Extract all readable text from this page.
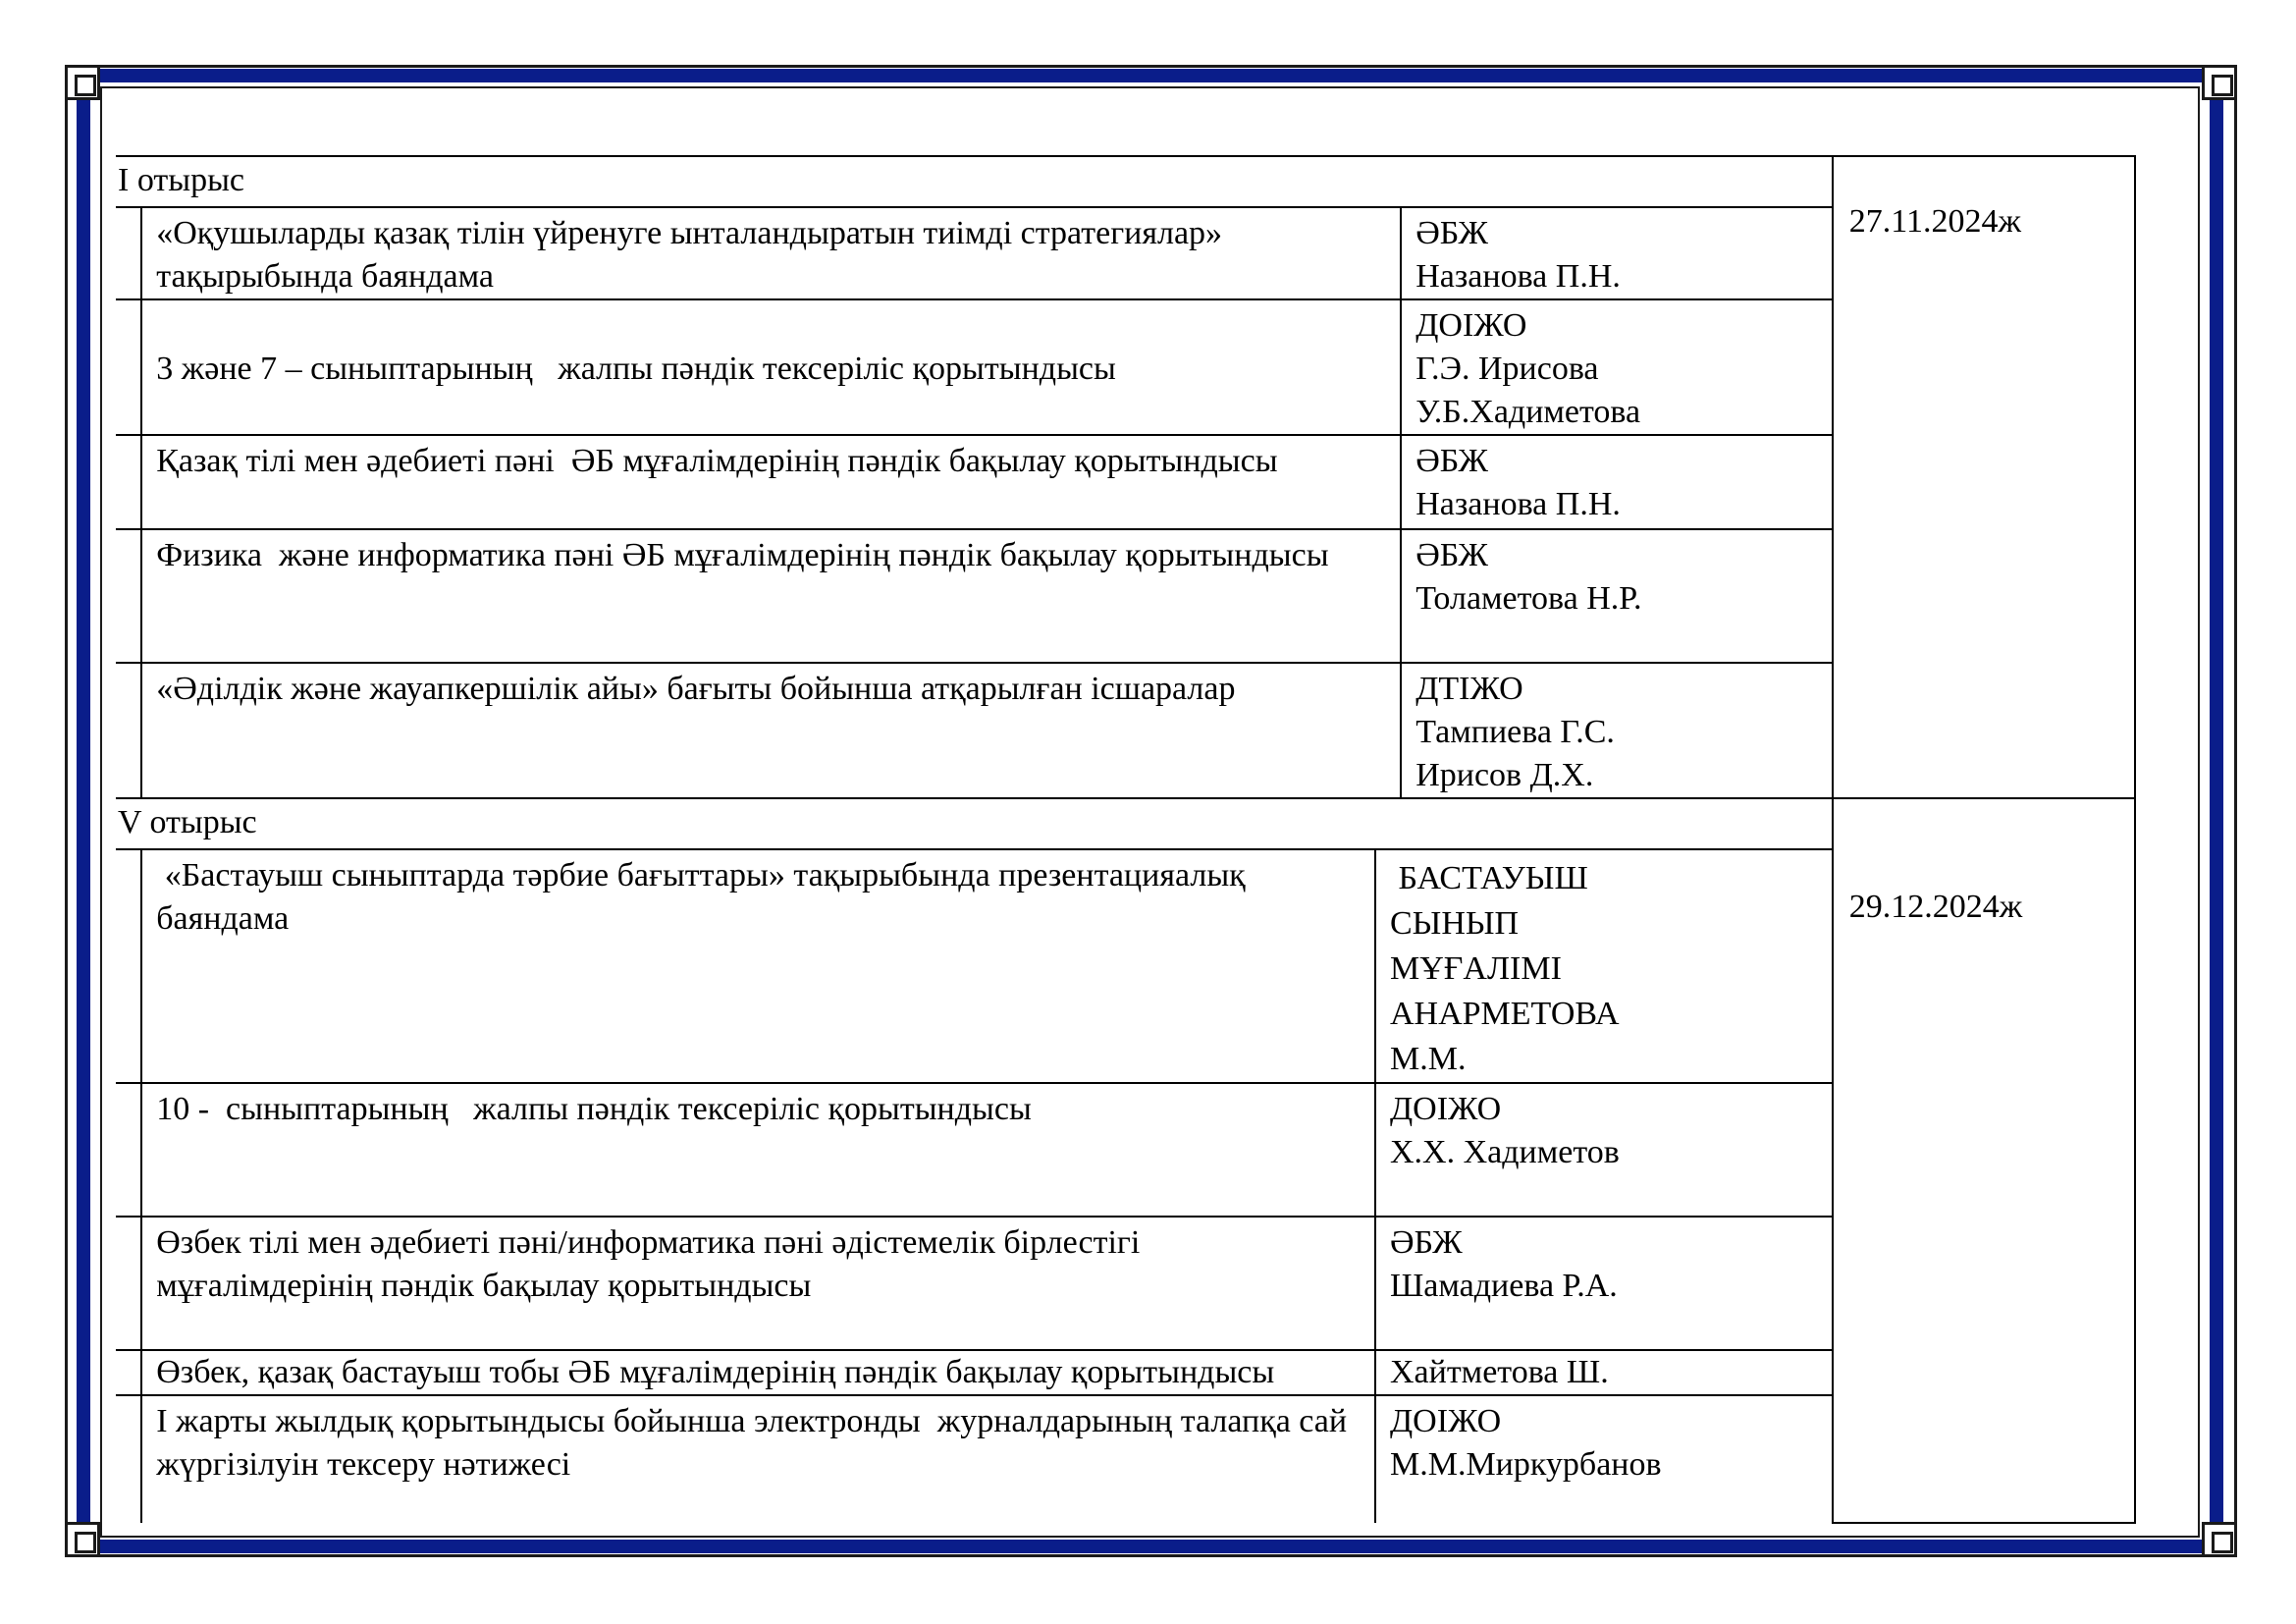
I отырыс				27.11.2024ж
	«Оқушыларды қазақ тілін үйренуге ынталандыратын тиімді стратегиялар» тақырыбында баяндама		ӘБЖ
Назанова П.Н.	

	3 және 7 – сыныптарының   жалпы пәндік тексеріліс қорытындысы		ДОІЖО
Г.Э. Ирисова
У.Б.Хадиметова	

	Қазақ тілі мен әдебиеті пәні  ӘБ мұғалімдерінің пәндік бақылау қорытындысы		ӘБЖ
Назанова П.Н.	

	Физика  және информатика пәні ӘБ мұғалімдерінің пәндік бақылау қорытындысы		ӘБЖ
Толаметова Н.Р.	

	«Әділдік және жауапкершілік айы» бағыты бойынша атқарылған ісшаралар		ДТІЖО
Тампиева Г.С.
Ирисов Д.Х.	

V отырыс				29.12.2024ж
	«Бастауыш сыныптарда тәрбие бағыттары» тақырыбында презентацияалық баяндама	БАСТАУЫШ
СЫНЫП
МҰҒАЛІМІ
АНАРМЕТОВА
М.М.		

	10 -  сыныптарының   жалпы пәндік тексеріліс қорытындысы	ДОІЖО
Х.Х. Хадиметов		

	Өзбек тілі мен әдебиеті пәні/информатика пәні әдістемелік бірлестігі мұғалімдерінің пәндік бақылау қорытындысы	ӘБЖ
Шамадиева Р.А.		

	Өзбек, қазақ бастауыш тобы ӘБ мұғалімдерінің пәндік бақылау қорытындысы	Хайтметова Ш.		

	І жарты жылдық қорытындысы бойынша электронды  журналдарының талапқа сай жүргізілуін тексеру нәтижесі	ДОІЖО
М.М.Миркурбанов		
